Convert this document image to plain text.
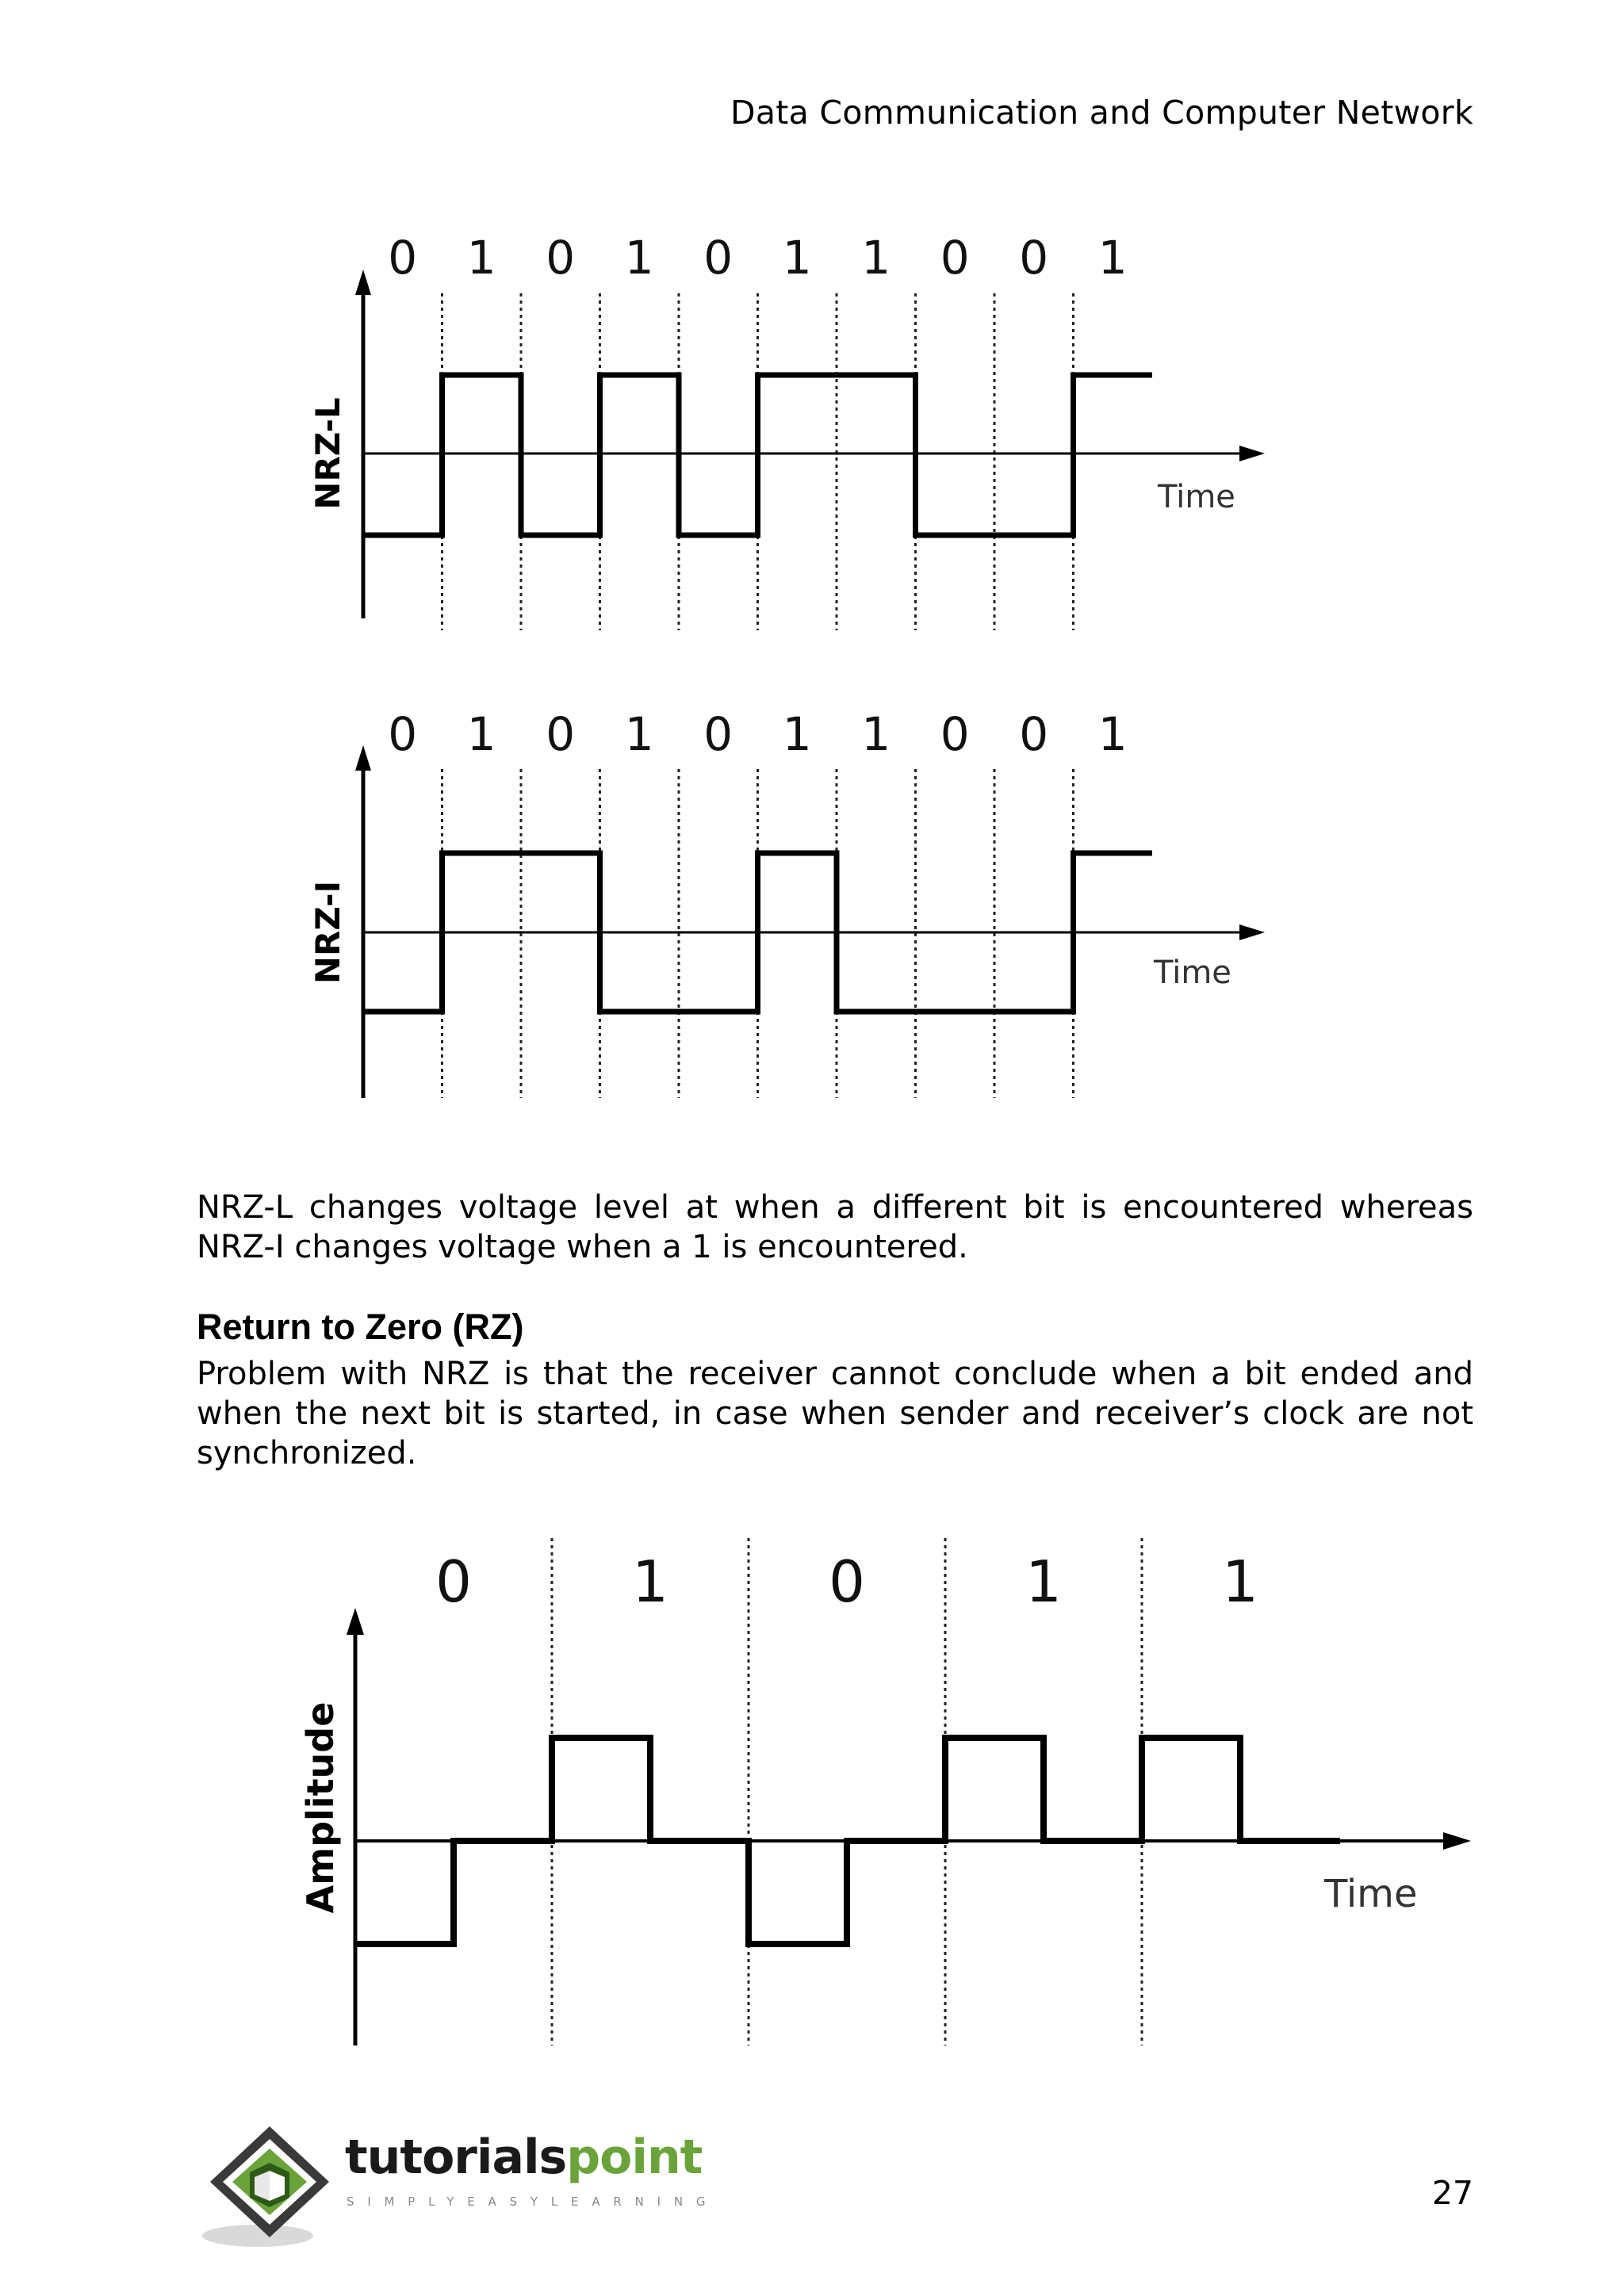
Data Communication and Computer Network
0 1 0 1 0 1 1 0 0 1
NRZ-L	Time
0 1 0 1 0 1 1 0 0 1
NRZ-I	Time
NRZ-L changes voltage level at when a different bit is encountered whereas NRZ-I changes voltage when a 1 is encountered.
Return to Zero (RZ)
Problem with NRZ is that the receiver cannot conclude when a bit ended and when the next bit is started, in case when sender and receiver’s clock are not synchronized.
0	1	0	1	1
Amplitude	Time
tutorialspoint
SIMPLYEASYLEARNING	27
